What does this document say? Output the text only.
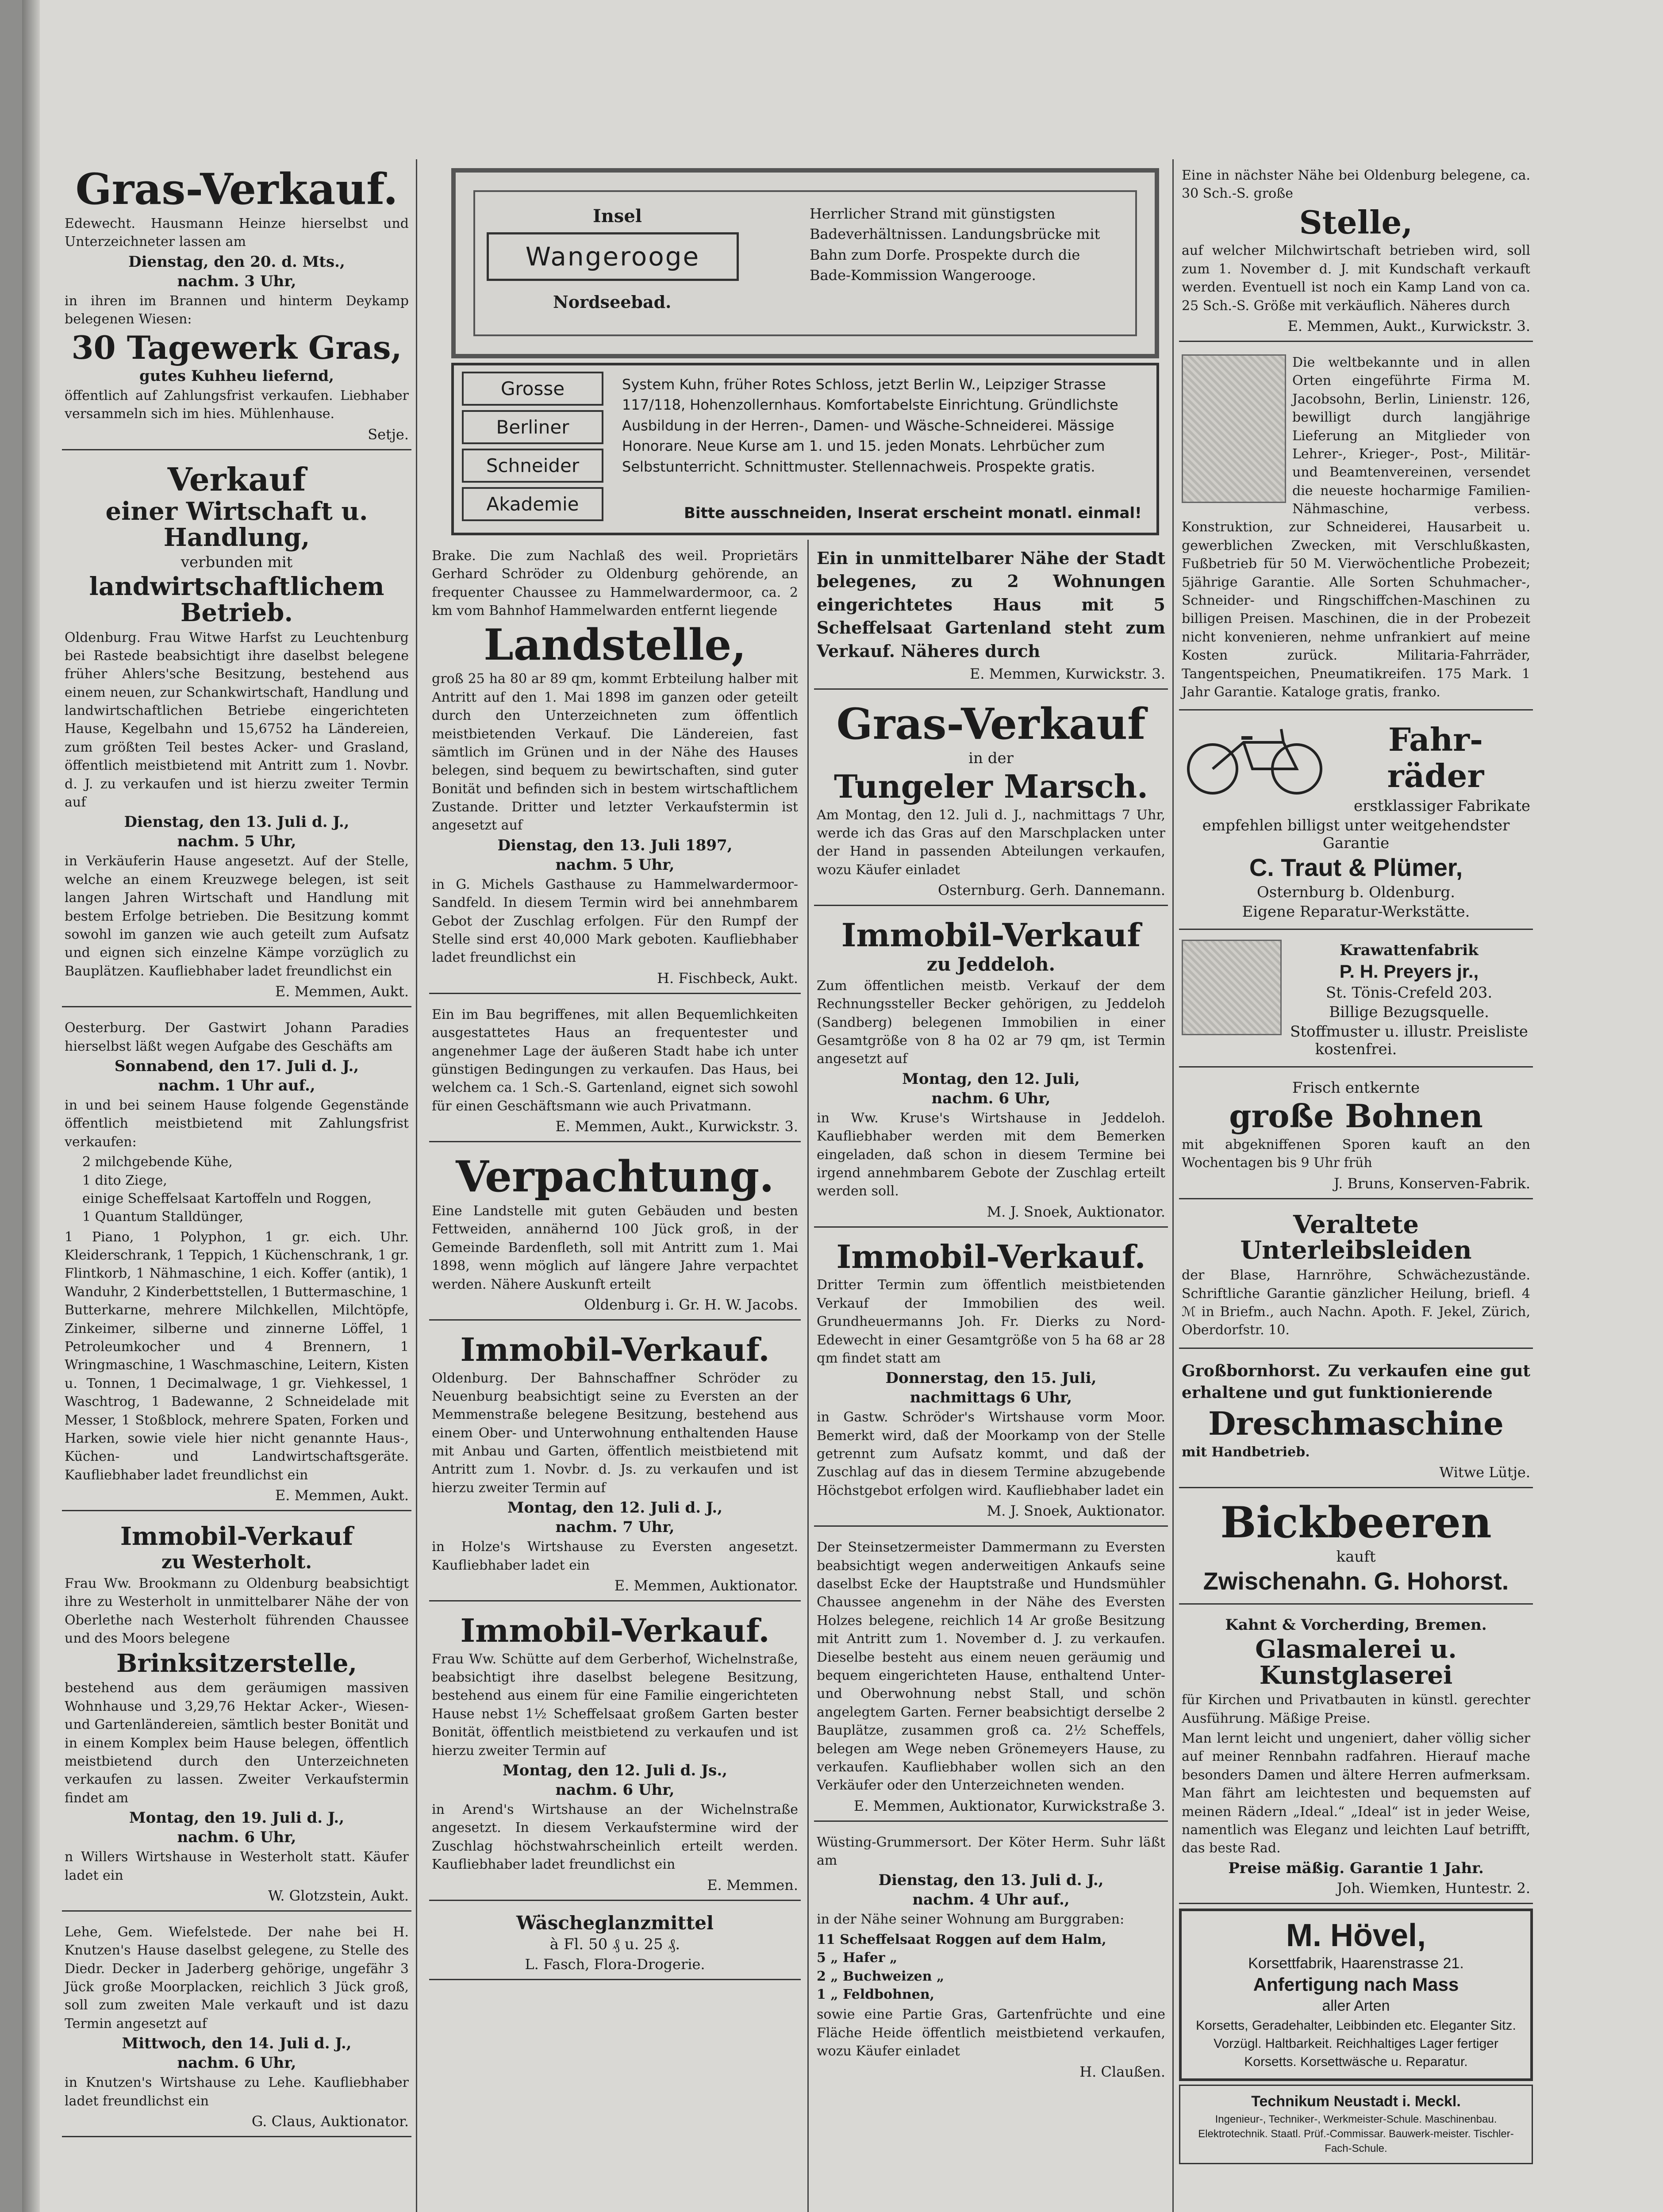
Insel
Wangerooge
Nordseebad.
Herrlicher Strand mit günstigsten Badeverhältnissen. Landungsbrücke mit Bahn zum Dorfe. Prospekte durch die Bade-Kommission Wangerooge.
Grosse
Berliner
Schneider
Akademie
System Kuhn, früher Rotes Schloss, jetzt Berlin W., Leipziger Strasse 117/118, Hohenzollernhaus. Komfortabelste Einrichtung. Gründlichste Ausbildung in der Herren-, Damen- und Wäsche-Schneiderei. Mässige Honorare. Neue Kurse am 1. und 15. jeden Monats. Lehrbücher zum Selbstunterricht. Schnittmuster. Stellennachweis. Prospekte gratis.
Bitte ausschneiden, Inserat erscheint monatl. einmal!
Gras-Verkauf.

Edewecht. Hausmann Heinze hierselbst und Unterzeichneter lassen am

Dienstag, den 20. d. Mts.,

nachm. 3 Uhr,

in ihren im Brannen und hinterm Deykamp belegenen Wiesen:

30 Tagewerk Gras,

gutes Kuhheu liefernd,

öffentlich auf Zahlungsfrist verkaufen. Liebhaber versammeln sich im hies. Mühlenhause.

Setje.

Verkauf
einer Wirtschaft u. Handlung,

verbunden mit

landwirtschaftlichem Betrieb.

Oldenburg. Frau Witwe Harfst zu Leuchtenburg bei Rastede beabsichtigt ihre daselbst belegene früher Ahlers'sche Besitzung, bestehend aus einem neuen, zur Schankwirtschaft, Handlung und landwirtschaftlichen Betriebe eingerichteten Hause, Kegelbahn und 15,6752 ha Ländereien, zum größten Teil bestes Acker- und Grasland, öffentlich meistbietend mit Antritt zum 1. Novbr. d. J. zu verkaufen und ist hierzu zweiter Termin auf

Dienstag, den 13. Juli d. J.,

nachm. 5 Uhr,

in Verkäuferin Hause angesetzt. Auf der Stelle, welche an einem Kreuzwege belegen, ist seit langen Jahren Wirtschaft und Handlung mit bestem Erfolge betrieben. Die Besitzung kommt sowohl im ganzen wie auch geteilt zum Aufsatz und eignen sich einzelne Kämpe vorzüglich zu Bauplätzen. Kaufliebhaber ladet freundlichst ein

E. Memmen, Aukt.

Oesterburg. Der Gastwirt Johann Paradies hierselbst läßt wegen Aufgabe des Geschäfts am

Sonnabend, den 17. Juli d. J.,

nachm. 1 Uhr auf.,

in und bei seinem Hause folgende Gegenstände öffentlich meistbietend mit Zahlungsfrist verkaufen:

2 milchgebende Kühe,

1 dito Ziege,

einige Scheffelsaat Kartoffeln und Roggen,

1 Quantum Stalldünger,

1 Piano, 1 Polyphon, 1 gr. eich. Uhr. Kleiderschrank, 1 Teppich, 1 Küchenschrank, 1 gr. Flintkorb, 1 Nähmaschine, 1 eich. Koffer (antik), 1 Wanduhr, 2 Kinderbettstellen, 1 Buttermaschine, 1 Butterkarne, mehrere Milchkellen, Milchtöpfe, Zinkeimer, silberne und zinnerne Löffel, 1 Petroleumkocher und 4 Brennern, 1 Wringmaschine, 1 Waschmaschine, Leitern, Kisten u. Tonnen, 1 Decimalwage, 1 gr. Viehkessel, 1 Waschtrog, 1 Badewanne, 2 Schneidelade mit Messer, 1 Stoßblock, mehrere Spaten, Forken und Harken, sowie viele hier nicht genannte Haus-, Küchen- und Landwirtschaftsgeräte. Kaufliebhaber ladet freundlichst ein

E. Memmen, Aukt.

Immobil-Verkauf
zu Westerholt.

Frau Ww. Brookmann zu Oldenburg beabsichtigt ihre zu Westerholt in unmittelbarer Nähe der von Oberlethe nach Westerholt führenden Chaussee und des Moors belegene

Brinksitzerstelle,

bestehend aus dem geräumigen massiven Wohnhause und 3,29,76 Hektar Acker-, Wiesen- und Gartenländereien, sämtlich bester Bonität und in einem Komplex beim Hause belegen, öffentlich meistbietend durch den Unterzeichneten verkaufen zu lassen. Zweiter Verkaufstermin findet am

Montag, den 19. Juli d. J.,

nachm. 6 Uhr,

n Willers Wirtshause in Westerholt statt. Käufer ladet ein

W. Glotzstein, Aukt.

Lehe, Gem. Wiefelstede. Der nahe bei H. Knutzen's Hause daselbst gelegene, zu Stelle des Diedr. Decker in Jaderberg gehörige, ungefähr 3 Jück große Moorplacken, reichlich 3 Jück groß, soll zum zweiten Male verkauft und ist dazu Termin angesetzt auf

Mittwoch, den 14. Juli d. J.,

nachm. 6 Uhr,

in Knutzen's Wirtshause zu Lehe. Kaufliebhaber ladet freundlichst ein

G. Claus, Auktionator.

Brake. Die zum Nachlaß des weil. Proprietärs Gerhard Schröder zu Oldenburg gehörende, an frequenter Chaussee zu Hammelwardermoor, ca. 2 km vom Bahnhof Hammelwarden entfernt liegende

Landstelle,

groß 25 ha 80 ar 89 qm, kommt Erbteilung halber mit Antritt auf den 1. Mai 1898 im ganzen oder geteilt durch den Unterzeichneten zum öffentlich meistbietenden Verkauf. Die Ländereien, fast sämtlich im Grünen und in der Nähe des Hauses belegen, sind bequem zu bewirtschaften, sind guter Bonität und befinden sich in bestem wirtschaftlichem Zustande. Dritter und letzter Verkaufstermin ist angesetzt auf

Dienstag, den 13. Juli 1897,

nachm. 5 Uhr,

in G. Michels Gasthause zu Hammelwardermoor-Sandfeld. In diesem Termin wird bei annehmbarem Gebot der Zuschlag erfolgen. Für den Rumpf der Stelle sind erst 40,000 Mark geboten. Kaufliebhaber ladet freundlichst ein

H. Fischbeck, Aukt.

Ein im Bau begriffenes, mit allen Bequemlichkeiten ausgestattetes Haus an frequentester und angenehmer Lage der äußeren Stadt habe ich unter günstigen Bedingungen zu verkaufen. Das Haus, bei welchem ca. 1 Sch.-S. Gartenland, eignet sich sowohl für einen Geschäftsmann wie auch Privatmann.

E. Memmen, Aukt., Kurwickstr. 3.

Verpachtung.

Eine Landstelle mit guten Gebäuden und besten Fettweiden, annähernd 100 Jück groß, in der Gemeinde Bardenfleth, soll mit Antritt zum 1. Mai 1898, wenn möglich auf längere Jahre verpachtet werden. Nähere Auskunft erteilt

Oldenburg i. Gr. H. W. Jacobs.

Immobil-Verkauf.

Oldenburg. Der Bahnschaffner Schröder zu Neuenburg beabsichtigt seine zu Eversten an der Memmenstraße belegene Besitzung, bestehend aus einem Ober- und Unterwohnung enthaltenden Hause mit Anbau und Garten, öffentlich meistbietend mit Antritt zum 1. Novbr. d. Js. zu verkaufen und ist hierzu zweiter Termin auf

Montag, den 12. Juli d. J.,

nachm. 7 Uhr,

in Holze's Wirtshause zu Eversten angesetzt. Kaufliebhaber ladet ein

E. Memmen, Auktionator.

Immobil-Verkauf.

Frau Ww. Schütte auf dem Gerberhof, Wichelnstraße, beabsichtigt ihre daselbst belegene Besitzung, bestehend aus einem für eine Familie eingerichteten Hause nebst 1½ Scheffelsaat großem Garten bester Bonität, öffentlich meistbietend zu verkaufen und ist hierzu zweiter Termin auf

Montag, den 12. Juli d. Js.,

nachm. 6 Uhr,

in Arend's Wirtshause an der Wichelnstraße angesetzt. In diesem Verkaufstermine wird der Zuschlag höchstwahrscheinlich erteilt werden. Kaufliebhaber ladet freundlichst ein

E. Memmen.

Wäscheglanzmittel

à Fl. 50 ₰ u. 25 ₰.

L. Fasch, Flora-Drogerie.

Ein in unmittelbarer Nähe der Stadt belegenes, zu 2 Wohnungen eingerichtetes Haus mit 5 Scheffelsaat Gartenland steht zum Verkauf. Näheres durch

E. Memmen, Kurwickstr. 3.

Gras-Verkauf

in der

Tungeler Marsch.

Am Montag, den 12. Juli d. J., nachmittags 7 Uhr, werde ich das Gras auf den Marschplacken unter der Hand in passenden Abteilungen verkaufen, wozu Käufer einladet

Osternburg. Gerh. Dannemann.

Immobil-Verkauf
zu Jeddeloh.

Zum öffentlichen meistb. Verkauf der dem Rechnungssteller Becker gehörigen, zu Jeddeloh (Sandberg) belegenen Immobilien in einer Gesamtgröße von 8 ha 02 ar 79 qm, ist Termin angesetzt auf

Montag, den 12. Juli,

nachm. 6 Uhr,

in Ww. Kruse's Wirtshause in Jeddeloh. Kaufliebhaber werden mit dem Bemerken eingeladen, daß schon in diesem Termine bei irgend annehmbarem Gebote der Zuschlag erteilt werden soll.

M. J. Snoek, Auktionator.

Immobil-Verkauf.

Dritter Termin zum öffentlich meistbietenden Verkauf der Immobilien des weil. Grundheuermanns Joh. Fr. Dierks zu Nord-Edewecht in einer Gesamtgröße von 5 ha 68 ar 28 qm findet statt am

Donnerstag, den 15. Juli,

nachmittags 6 Uhr,

in Gastw. Schröder's Wirtshause vorm Moor. Bemerkt wird, daß der Moorkamp von der Stelle getrennt zum Aufsatz kommt, und daß der Zuschlag auf das in diesem Termine abzugebende Höchstgebot erfolgen wird. Kaufliebhaber ladet ein

M. J. Snoek, Auktionator.

Der Steinsetzermeister Dammermann zu Eversten beabsichtigt wegen anderweitigen Ankaufs seine daselbst Ecke der Hauptstraße und Hundsmühler Chaussee angenehm in der Nähe des Eversten Holzes belegene, reichlich 14 Ar große Besitzung mit Antritt zum 1. November d. J. zu verkaufen. Dieselbe besteht aus einem neuen geräumig und bequem eingerichteten Hause, enthaltend Unter- und Oberwohnung nebst Stall, und schön angelegtem Garten. Ferner beabsichtigt derselbe 2 Bauplätze, zusammen groß ca. 2½ Scheffels, belegen am Wege neben Grönemeyers Hause, zu verkaufen. Kaufliebhaber wollen sich an den Verkäufer oder den Unterzeichneten wenden.

E. Memmen, Auktionator, Kurwickstraße 3.

Wüsting-Grummersort. Der Köter Herm. Suhr läßt am

Dienstag, den 13. Juli d. J.,

nachm. 4 Uhr auf.,

in der Nähe seiner Wohnung am Burggraben:

11 Scheffelsaat Roggen auf dem Halm,

5 „ Hafer „

2 „ Buchweizen „

1 „ Feldbohnen,

sowie eine Partie Gras, Gartenfrüchte und eine Fläche Heide öffentlich meistbietend verkaufen, wozu Käufer einladet

H. Claußen.

Eine in nächster Nähe bei Oldenburg belegene, ca. 30 Sch.-S. große

Stelle,

auf welcher Milchwirtschaft betrieben wird, soll zum 1. November d. J. mit Kundschaft verkauft werden. Eventuell ist noch ein Kamp Land von ca. 25 Sch.-S. Größe mit verkäuflich. Näheres durch

E. Memmen, Aukt., Kurwickstr. 3.

Die weltbekannte und in allen Orten eingeführte Firma M. Jacobsohn, Berlin, Linienstr. 126, bewilligt durch langjährige Lieferung an Mitglieder von Lehrer-, Krieger-, Post-, Militär- und Beamtenvereinen, versendet die neueste hocharmige Familien-Nähmaschine, verbess. Konstruktion, zur Schneiderei, Hausarbeit u. gewerblichen Zwecken, mit Verschlußkasten, Fußbetrieb für 50 M. Vierwöchentliche Probezeit; 5jährige Garantie. Alle Sorten Schuhmacher-, Schneider- und Ringschiffchen-Maschinen zu billigen Preisen. Maschinen, die in der Probezeit nicht konvenieren, nehme unfrankiert auf meine Kosten zurück. Militaria-Fahrräder, Tangentspeichen, Pneumatikreifen. 175 Mark. 1 Jahr Garantie. Kataloge gratis, franko.

Fahr-
räder

erstklassiger Fabrikate

empfehlen billigst unter weitgehendster Garantie

C. Traut & Plümer,

Osternburg b. Oldenburg.

Eigene Reparatur-Werkstätte.

Krawattenfabrik

P. H. Preyers jr.,

St. Tönis-Crefeld 203.

Billige Bezugsquelle.

Stoffmuster u. illustr. Preisliste kostenfrei.

Frisch entkernte

große Bohnen

mit abgekniffenen Sporen kauft an den Wochentagen bis 9 Uhr früh

J. Bruns, Konserven-Fabrik.

Veraltete Unterleibsleiden

der Blase, Harnröhre, Schwächezustände. Schriftliche Garantie gänzlicher Heilung, briefl. 4 ℳ in Briefm., auch Nachn. Apoth. F. Jekel, Zürich, Oberdorfstr. 10.

Großbornhorst. Zu verkaufen eine gut erhaltene und gut funktionierende

Dreschmaschine

mit Handbetrieb.

Witwe Lütje.

Bickbeeren

kauft

Zwischenahn. G. Hohorst.

Kahnt & Vorcherding, Bremen.

Glasmalerei u. Kunstglaserei

für Kirchen und Privatbauten in künstl. gerechter Ausführung. Mäßige Preise.

Man lernt leicht und ungeniert, daher völlig sicher auf meiner Rennbahn radfahren. Hierauf mache besonders Damen und ältere Herren aufmerksam. Man fährt am leichtesten und bequemsten auf meinen Rädern „Ideal.“ „Ideal“ ist in jeder Weise, namentlich was Eleganz und leichten Lauf betrifft, das beste Rad.

Preise mäßig. Garantie 1 Jahr.

Joh. Wiemken, Huntestr. 2.

M. Hövel,

Korsettfabrik, Haarenstrasse 21.

Anfertigung nach Mass

aller Arten

Korsetts, Geradehalter, Leibbinden etc. Eleganter Sitz. Vorzügl. Haltbarkeit. Reichhaltiges Lager fertiger Korsetts. Korsettwäsche u. Reparatur.

Technikum Neustadt i. Meckl.

Ingenieur-, Techniker-, Werkmeister-Schule. Maschinenbau. Elektrotechnik. Staatl. Prüf.-Commissar. Bauwerk-meister. Tischler-Fach-Schule.
